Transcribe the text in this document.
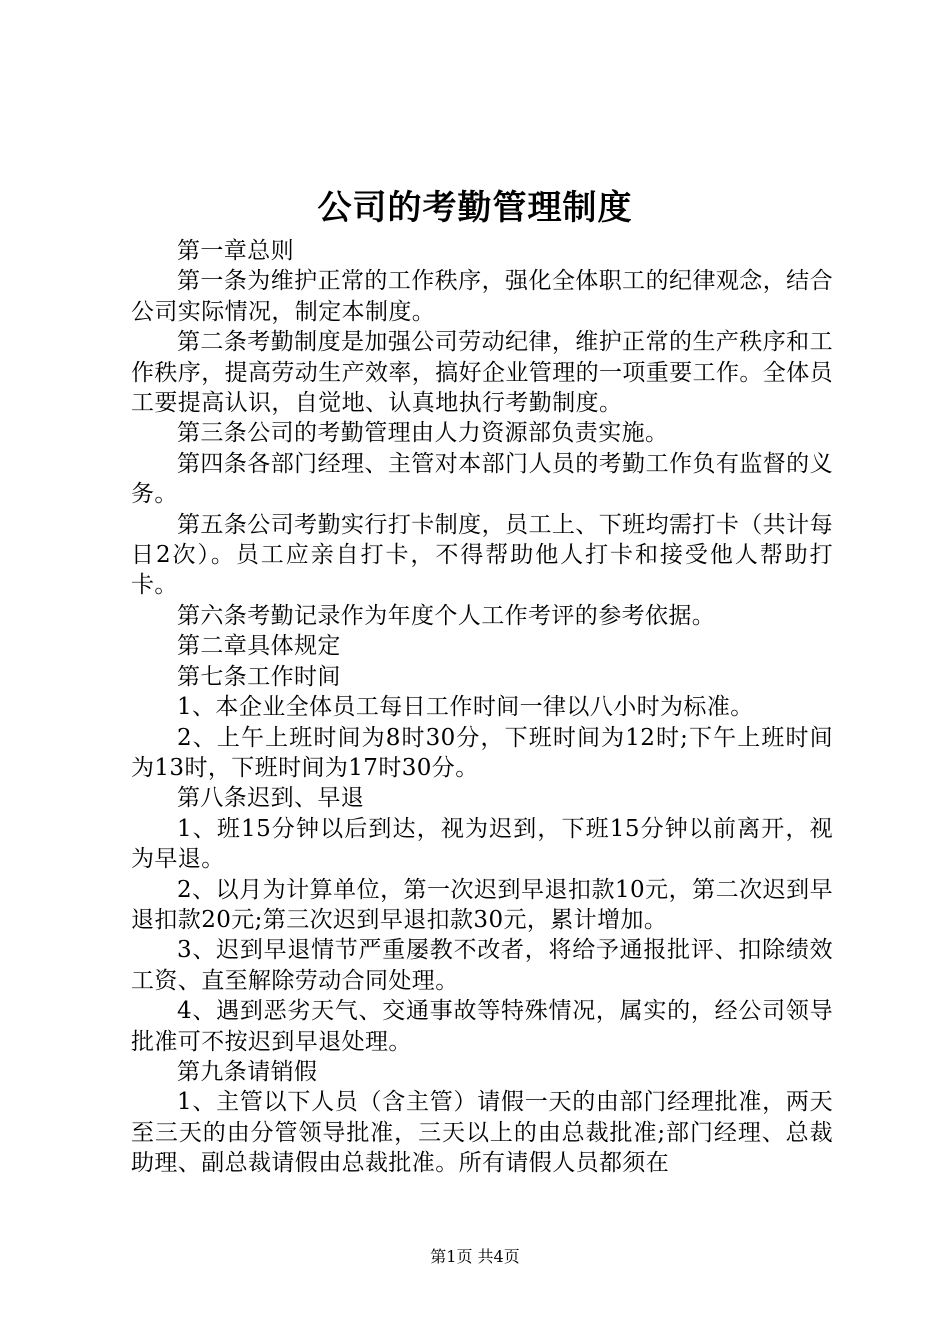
公司的考勤管理制度

第一章总则

第一条为维护正常的工作秩序，强化全体职工的纪律观念，结合公司实际情况，制定本制度。

第二条考勤制度是加强公司劳动纪律，维护正常的生产秩序和工作秩序，提高劳动生产效率，搞好企业管理的一项重要工作。全体员工要提高认识，自觉地、认真地执行考勤制度。

第三条公司的考勤管理由人力资源部负责实施。

第四条各部门经理、主管对本部门人员的考勤工作负有监督的义务。

第五条公司考勤实行打卡制度，员工上、下班均需打卡（共计每日2次）。员工应亲自打卡，不得帮助他人打卡和接受他人帮助打卡。

第六条考勤记录作为年度个人工作考评的参考依据。

第二章具体规定

第七条工作时间

1、本企业全体员工每日工作时间一律以八小时为标准。

2、上午上班时间为8时30分，下班时间为12时;下午上班时间为13时，下班时间为17时30分。

第八条迟到、早退

1、班15分钟以后到达，视为迟到，下班15分钟以前离开，视为早退。

2、以月为计算单位，第一次迟到早退扣款10元，第二次迟到早退扣款20元;第三次迟到早退扣款30元，累计增加。

3、迟到早退情节严重屡教不改者，将给予通报批评、扣除绩效工资、直至解除劳动合同处理。

4、遇到恶劣天气、交通事故等特殊情况，属实的，经公司领导批准可不按迟到早退处理。

第九条请销假

1、主管以下人员（含主管）请假一天的由部门经理批准，两天至三天的由分管领导批准，三天以上的由总裁批准;部门经理、总裁助理、副总裁请假由总裁批准。所有请假人员都须在

第1页 共4页
